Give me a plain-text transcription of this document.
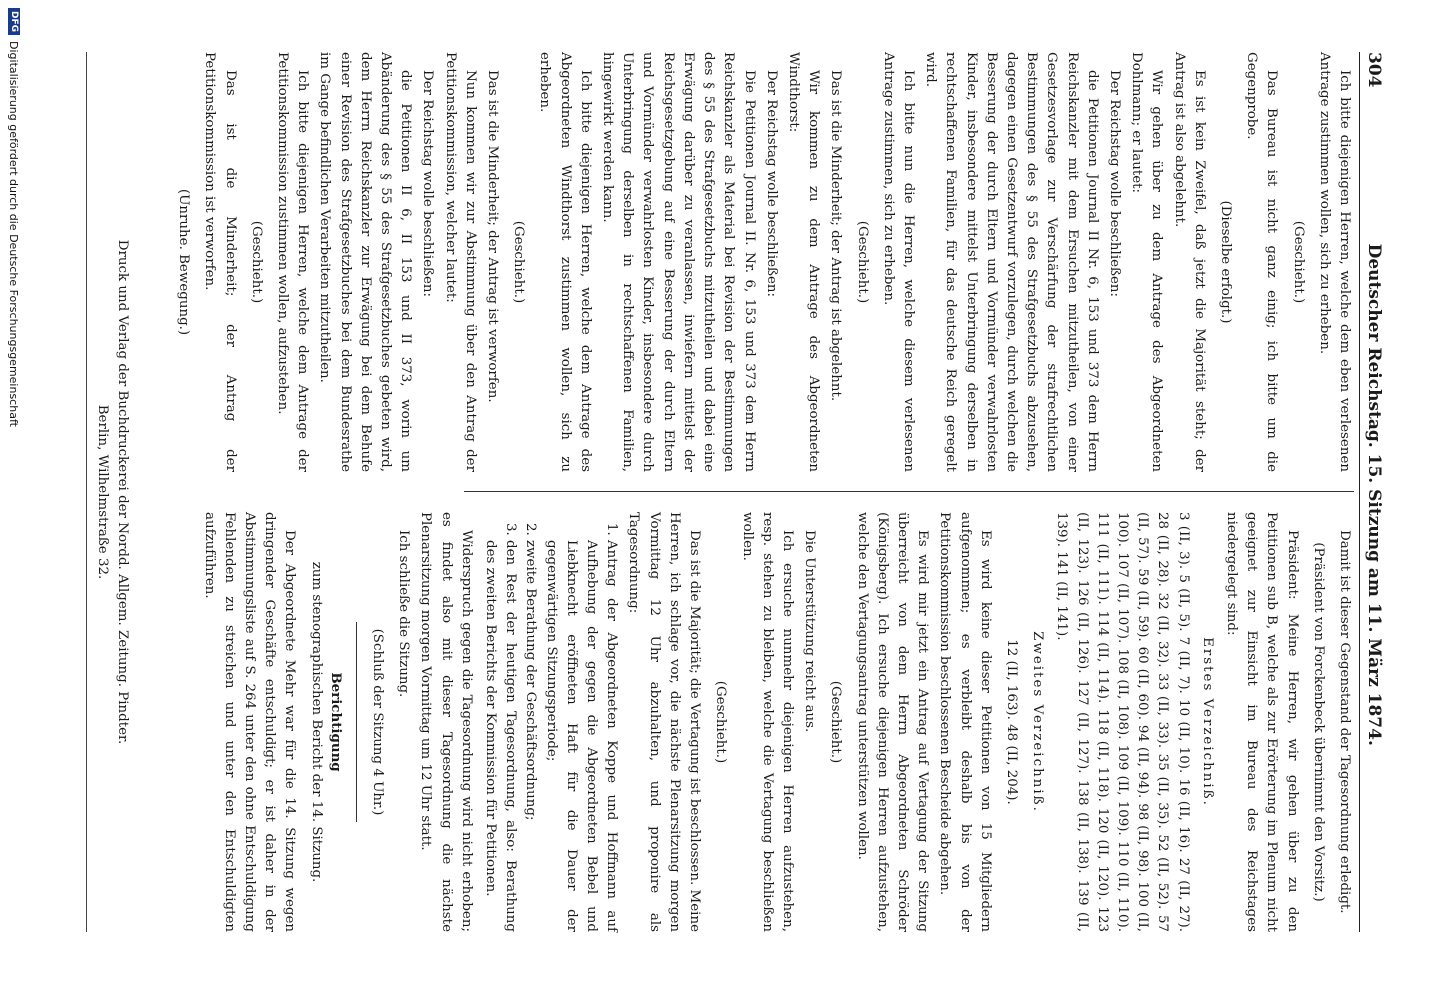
304
Deutscher Reichstag. 15. Sitzung am 11. März 1874.

Ich bitte diejenigen Herren, welche dem eben verlesenen Antrage zustimmen wollen, sich zu erheben.

(Geschieht.)

Das Bureau ist nicht ganz einig; ich bitte um die Gegenprobe.

(Dieselbe erfolgt.)

Es ist kein Zweifel, daß jetzt die Majorität steht; der Antrag ist also abgelehnt.

Wir gehen über zu dem Antrage des Abgeordneten Dohlmann; er lautet:

Der Reichstag wolle beschließen:

die Petitionen Journal II Nr. 6, 153 und 373 dem Herrn Reichskanzler mit dem Ersuchen mitzutheilen, von einer Gesetzesvorlage zur Verschärfung der strafrechtlichen Bestimmungen des § 55 des Strafgesetzbuchs abzusehen, dagegen einen Gesetzentwurf vorzulegen, durch welchen die Besserung der durch Eltern und Vormünder verwahrlosten Kinder, insbesondere mittelst Unterbringung derselben in rechtschaffenen Familien, für das deutsche Reich geregelt wird.

Ich bitte nun die Herren, welche diesem verlesenen Antrage zustimmen, sich zu erheben.

(Geschieht.)

Das ist die Minderheit; der Antrag ist abgelehnt.

Wir kommen zu dem Antrage des Abgeordneten Windthorst:

Der Reichstag wolle beschließen:

Die Petitionen Journal II. Nr. 6, 153 und 373 dem Herrn Reichskanzler als Material bei Revision der Bestimmungen des § 55 des Strafgesetzbuchs mitzutheilen und dabei eine Erwägung darüber zu veranlassen, inwiefern mittelst der Reichsgesetzgebung auf eine Besserung der durch Eltern und Vormünder verwahrlosten Kinder, insbesondere durch Unterbringung derselben in rechtschaffenen Familien, hingewirkt werden kann.

Ich bitte diejenigen Herren, welche dem Antrage des Abgeordneten Windthorst zustimmen wollen, sich zu erheben.

(Geschieht.)

Das ist die Minderheit; der Antrag ist verworfen.

Nun kommen wir zur Abstimmung über den Antrag der Petitionskommission, welcher lautet:

Der Reichstag wolle beschließen:

die Petitionen II 6, II 153 und II 373, worin um Abänderung des § 55 des Strafgesetzbuches gebeten wird, dem Herrn Reichskanzler zur Erwägung bei dem Behufe einer Revision des Strafgesetzbuches bei dem Bundesrathe im Gange befindlichen Verarbeiten mitzutheilen.

Ich bitte diejenigen Herren, welche dem Antrage der Petitionskommission zustimmen wollen, aufzustehen.

(Geschieht.)

Das ist die Minderheit; der Antrag der Petitionskommission ist verworfen.

(Unruhe. Bewegung.)

Damit ist dieser Gegenstand der Tagesordnung erledigt.

(Präsident von Forckenbeck übernimmt den Vorsitz.)

Präsident: Meine Herren, wir gehen über zu den Petitionen sub B, welche als zur Erörterung im Plenum nicht geeignet zur Einsicht im Bureau des Reichstages niedergelegt sind:

Erstes Verzeichniß.

3 (II, 3). 5 (II, 5). 7 (II, 7). 10 (II, 10). 16 (II, 16). 27 (II, 27). 28 (II, 28). 32 (II, 32). 33 (II, 33). 35 (II, 35). 52 (II, 52). 57 (II, 57). 59 (II, 59). 60 (II, 60). 94 (II, 94). 98 (II, 98). 100 (II, 100). 107 (II, 107). 108 (II, 108). 109 (II, 109). 110 (II, 110). 111 (II, 111). 114 (II, 114). 118 (II, 118). 120 (II, 120). 123 (II, 123). 126 (II, 126). 127 (II, 127). 138 (II, 138). 139 (II, 139). 141 (II, 141).

Zweites Verzeichniß.

12 (II, 163). 48 (II, 204).

Es wird keine dieser Petitionen von 15 Mitgliedern aufgenommen; es verbleibt deshalb bis von der Petitionskommission beschlossenen Bescheide abgehen.

Es wird mir jetzt ein Antrag auf Vertagung der Sitzung überreicht von dem Herrn Abgeordneten Schröder (Königsberg). Ich ersuche diejenigen Herren aufzustehen, welche den Vertagungsantrag unterstützen wollen.

(Geschieht.)

Die Unterstützung reicht aus.

Ich ersuche nunmehr diejenigen Herren aufzustehen, resp. stehen zu bleiben, welche die Vertagung beschließen wollen.

(Geschieht.)

Das ist die Majorität; die Vertagung ist beschlossen. Meine Herren, ich schlage vor, die nächste Plenarsitzung morgen Vormittag 12 Uhr abzuhalten, und proponire als Tagesordnung:

1. Antrag der Abgeordneten Koppe und Hoffmann auf Aufhebung der gegen die Abgeordneten Bebel und Liebknecht eröffneten Haft für die Dauer der gegenwärtigen Sitzungsperiode;
2. zweite Berathung der Geschäftsordnung;
3. den Rest der heutigen Tagesordnung, also: Berathung des zweiten Berichts der Kommission für Petitionen.

Widerspruch gegen die Tagesordnung wird nicht erhoben; es findet also mit dieser Tagesordnung die nächste Plenarsitzung morgen Vormittag um 12 Uhr statt.

Ich schließe die Sitzung.

(Schluß der Sitzung 4 Uhr.)

Berichtigung

zum stenographischen Bericht der 14. Sitzung.

Der Abgeordnete Mehr war für die 14. Sitzung wegen dringender Geschäfte entschuldigt; er ist daher in der Abstimmungsliste auf S. 264 unter den ohne Entschuldigung Fehlenden zu streichen und unter den Entschuldigten aufzuführen.

Druck und Verlag der Buchdruckerei der Nordd. Allgem. Zeitung. Pindter.
Berlin, Wilhelmstraße 32.
DFG
Digitalisierung gefördert durch die Deutsche Forschungsgemeinschaft
